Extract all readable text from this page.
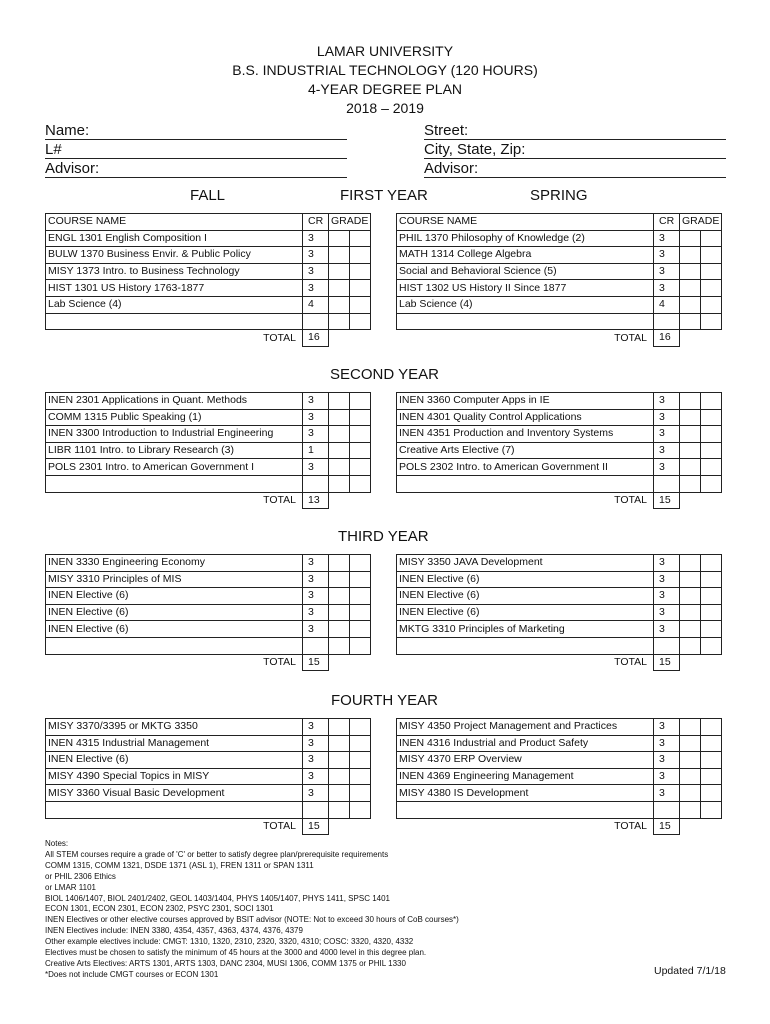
LAMAR UNIVERSITY
B.S. INDUSTRIAL TECHNOLOGY (120 HOURS)
4-YEAR DEGREE PLAN
2018 – 2019
Name:
L#
Advisor:
Street:
City, State, Zip:
Advisor:
FALL	SPRING
FIRST YEAR
COURSE NAME	CR	GRADE	
ENGL 1301 English Composition I	3		
BULW 1370 Business Envir. & Public Policy	3		
MISY 1373 Intro. to Business Technology	3		
HIST 1301 US History 1763-1877	3		
Lab Science (4)	4		

TOTAL	16		
COURSE NAME	CR	GRADE	
PHIL 1370 Philosophy of Knowledge (2)	3		
MATH 1314 College Algebra	3		
Social and Behavioral Science (5)	3		
HIST 1302 US History II Since 1877	3		
Lab Science (4)	4		

TOTAL	16		
SECOND YEAR
INEN 2301 Applications in Quant. Methods	3		
COMM 1315 Public Speaking (1)	3		
INEN 3300 Introduction to Industrial Engineering	3		
LIBR 1101 Intro. to Library Research (3)	1		
POLS 2301 Intro. to American Government I	3		

TOTAL	13		
INEN 3360 Computer Apps in IE	3		
INEN 4301 Quality Control Applications	3		
INEN 4351 Production and Inventory Systems	3		
Creative Arts Elective (7)	3		
POLS 2302 Intro. to American Government II	3		

TOTAL	15		
THIRD YEAR
INEN 3330 Engineering Economy	3		
MISY 3310 Principles of MIS	3		
INEN Elective (6)	3		
INEN Elective (6)	3		
INEN Elective (6)	3		

TOTAL	15		
MISY 3350 JAVA Development	3		
INEN Elective (6)	3		
INEN Elective (6)	3		
INEN Elective (6)	3		
MKTG 3310 Principles of Marketing	3		

TOTAL	15		
FOURTH YEAR
MISY 3370/3395 or MKTG 3350	3		
INEN 4315 Industrial Management	3		
INEN Elective (6)	3		
MISY 4390 Special Topics in MISY	3		
MISY 3360 Visual Basic Development	3		

TOTAL	15		
MISY 4350 Project Management and Practices	3		
INEN 4316 Industrial and Product Safety	3		
MISY 4370 ERP Overview	3		
INEN 4369 Engineering Management	3		
MISY 4380 IS Development	3		

TOTAL	15		
Notes:
All STEM courses require a grade of 'C' or better to satisfy degree plan/prerequisite requirements
COMM 1315, COMM 1321, DSDE 1371 (ASL 1), FREN 1311 or SPAN 1311
or PHIL 2306 Ethics
or LMAR 1101
BIOL 1406/1407, BIOL 2401/2402, GEOL 1403/1404, PHYS 1405/1407, PHYS 1411, SPSC 1401
ECON 1301, ECON 2301, ECON 2302, PSYC 2301, SOCI 1301
INEN Electives or other elective courses approved by BSIT advisor (NOTE: Not to exceed 30 hours of CoB courses*)
INEN Electives include: INEN 3380, 4354, 4357, 4363, 4374, 4376, 4379
Other example electives include: CMGT: 1310, 1320, 2310, 2320, 3320, 4310; COSC: 3320, 4320, 4332
Electives must be chosen to satisfy the minimum of 45 hours at the 3000 and 4000 level in this degree plan.
Creative Arts Electives: ARTS 1301, ARTS 1303, DANC 2304, MUSI 1306, COMM 1375 or PHIL 1330
*Does not include CMGT courses or ECON 1301	Updated 7/1/18
